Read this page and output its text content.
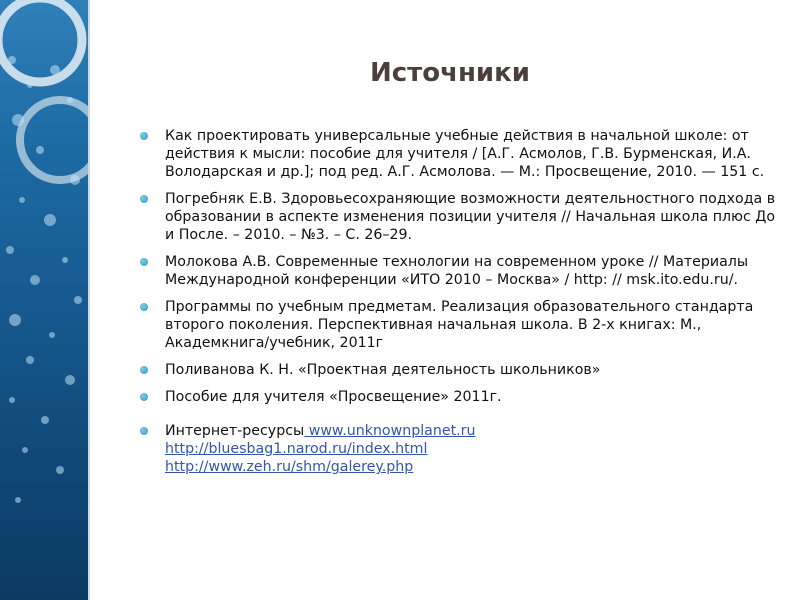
Источники
Как проектировать универсальные учебные действия в начальной школе: от действия к мысли: пособие для учителя / [А.Г. Асмолов, Г.В. Бурменская, И.А. Володарская и др.]; под ред. А.Г. Асмолова. — М.: Просвещение, 2010. — 151 с.
Погребняк Е.В. Здоровьесохраняющие возможности деятельностного подхода в образовании в аспекте изменения позиции учителя // Начальная школа плюс До и После. – 2010. – №3. – С. 26–29.
Молокова А.В. Современные технологии на современном уроке // Материалы Международной конференции «ИТО 2010 – Москва» / http: // msk.ito.edu.ru/.
Программы по учебным предметам. Реализация образовательного стандарта второго поколения. Перспективная начальная школа. В 2-х книгах: М., Академкнига/учебник, 2011г
Поливанова К. Н. «Проектная деятельность школьников»
Пособие для учителя «Просвещение» 2011г.
Интернет-ресурсы www.unknownplanet.ru
http://bluesbag1.narod.ru/index.html
http://www.zeh.ru/shm/galerey.php
